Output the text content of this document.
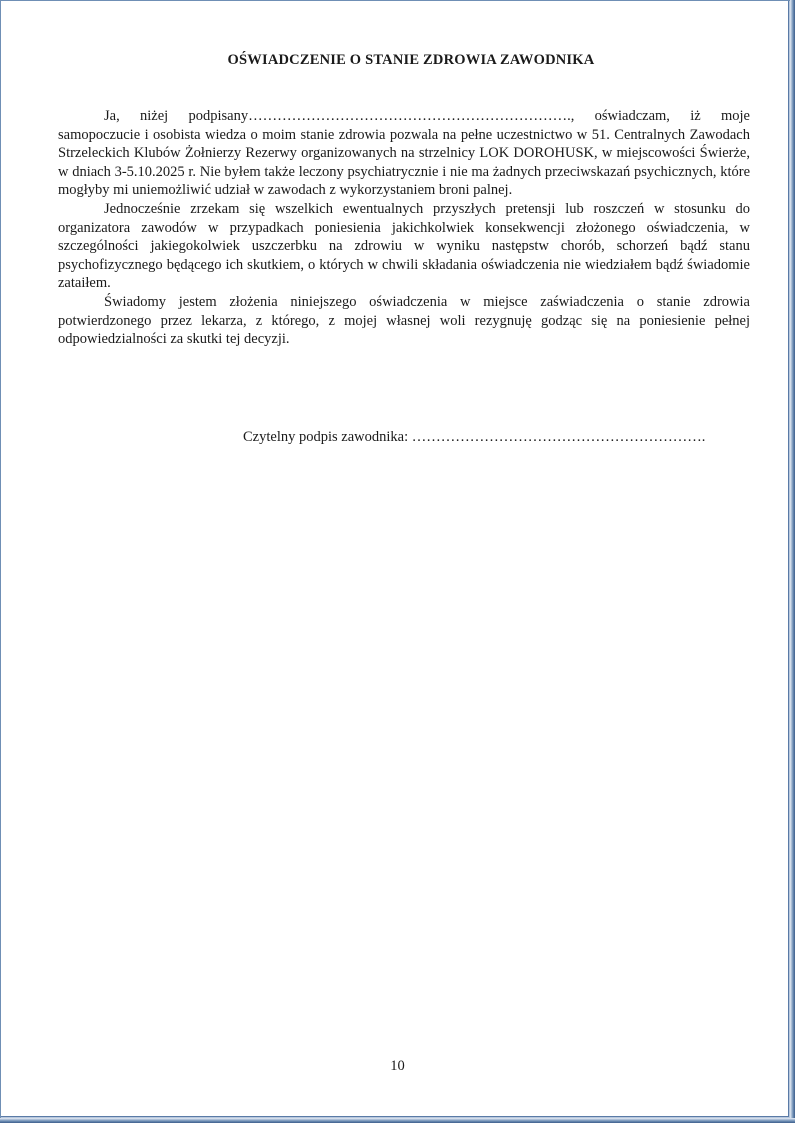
OŚWIADCZENIE O STANIE ZDROWIA ZAWODNIKA

Ja, niżej podpisany…………………………………………………………., oświadczam, iż moje samopoczucie i osobista wiedza o moim stanie zdrowia pozwala na pełne uczestnictwo w 51. Centralnych Zawodach Strzeleckich Klubów Żołnierzy Rezerwy organizowanych na strzelnicy LOK DOROHUSK, w miejscowości Świerże, w dniach 3-5.10.2025 r. Nie byłem także leczony psychiatrycznie i nie ma żadnych przeciwskazań psychicznych, które mogłyby mi uniemożliwić udział w zawodach z wykorzystaniem broni palnej.

Jednocześnie zrzekam się wszelkich ewentualnych przyszłych pretensji lub roszczeń w stosunku do organizatora zawodów w przypadkach poniesienia jakichkolwiek konsekwencji złożonego oświadczenia, w szczególności jakiegokolwiek uszczerbku na zdrowiu w wyniku następstw chorób, schorzeń bądź stanu psychofizycznego będącego ich skutkiem, o których w chwili składania oświadczenia nie wiedziałem bądź świadomie zataiłem.

Świadomy jestem złożenia niniejszego oświadczenia w miejsce zaświadczenia o stanie zdrowia potwierdzonego przez lekarza, z którego, z mojej własnej woli rezygnuję godząc się na poniesienie pełnej odpowiedzialności za skutki tej decyzji.

Czytelny podpis zawodnika: …………………………………………………….
10
